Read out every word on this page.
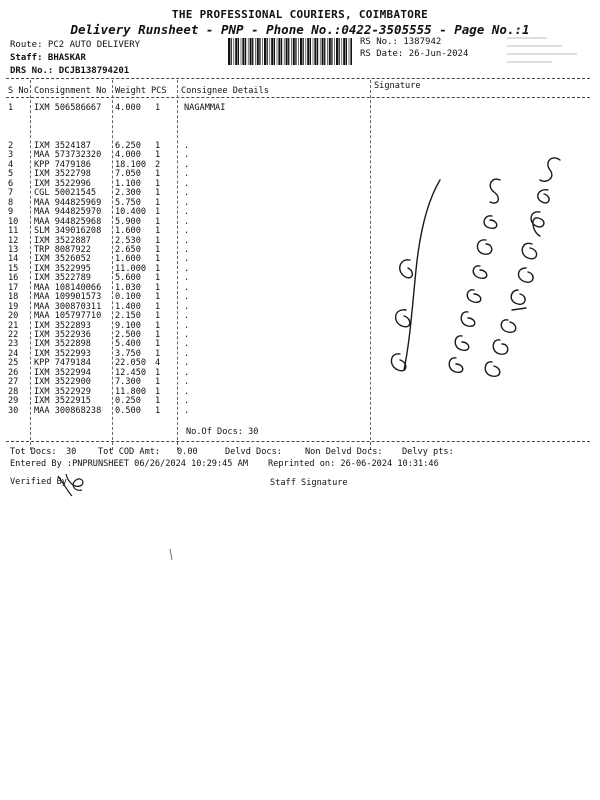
THE PROFESSIONAL COURIERS, COIMBATORE
Delivery Runsheet - PNP - Phone No.:0422-3505555 - Page No.:1
Route: PC2 AUTO DELIVERY
Staff: BHASKAR
DRS No.: DCJB138794201
RS No.: 1387942
RS Date: 26-Jun-2024
S No Consignment No Weight PCS Consignee Details	Signature
1 IXM 506586667 4.000 1	NAGAMMAI
2 IXM 3524187	6.250 1	.
3 MAA 573732320 4.000 1	.
4 KPP 7479186	18.100 2	.
5 IXM 3522798	7.050 1	.
6 IXM 3522996	1.100 1	.
7 CGL 50021545 2.300 1	.
8 MAA 944825969 5.750 1	.
9 MAA 944825970 10.400 1	.
10 MAA 944825968 5.900 1	.
11 SLM 349016208 1.600 1	.
12 IXM 3522887	2.530 1	.
13 TRP 8087922	2.650 1	.
14 IXM 3526052	1.600 1	.
15 IXM 3522995	11.000 1	.
16 IXM 3522789	5.600 1	.
17 MAA 108140066 1.030 1	.
18 MAA 109901573 0.100 1	.
19 MAA 300870311 1.400 1	.
20 MAA 105797710 2.150 1	.
21 IXM 3522893	9.100 1	.
22 IXM 3522936	2.500 1	.
23 IXM 3522898	5.400 1	.
24 IXM 3522993	3.750 1	.
25 KPP 7479184	22.050 4	.
26 IXM 3522994	12.450 1	.
27 IXM 3522900	7.300 1	.
28 IXM 3522929	11.800 1	.
29 IXM 3522915	0.250 1	.
30 MAA 300868238 0.500 1	.
No.Of Docs: 30
Tot Docs: 30	Tot COD Amt: 0.00	Delvd Docs:	Non Delvd Docs: Delvy pts:
Entered By :PNPRUNSHEET 06/26/2024 10:29:45 AM Reprinted on: 26-06-2024 10:31:46
Verified By	Staff Signature
